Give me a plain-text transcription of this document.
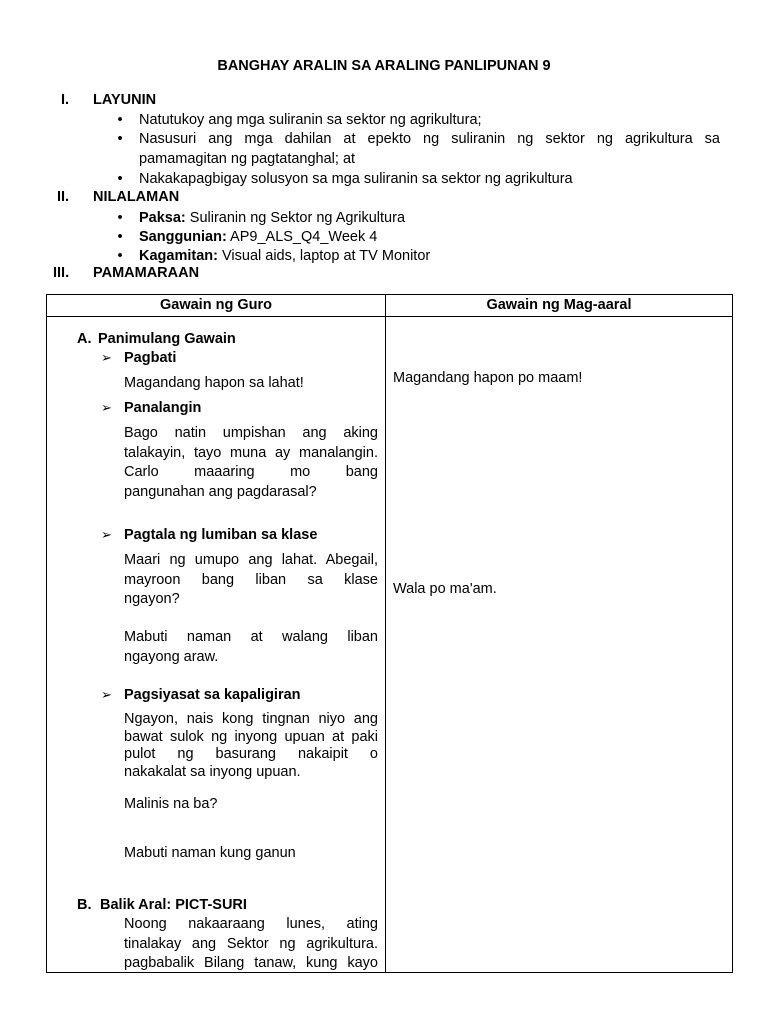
BANGHAY ARALIN SA ARALING PANLIPUNAN 9
I. LAYUNIN
• Natutukoy ang mga suliranin sa sektor ng agrikultura;
• Nasusuri ang mga dahilan at epekto ng suliranin ng sektor ng agrikultura sa
pamamagitan ng pagtatanghal; at
• Nakakapagbigay solusyon sa mga suliranin sa sektor ng agrikultura
II. NILALAMAN
• Paksa: Suliranin ng Sektor ng Agrikultura
• Sanggunian: AP9_ALS_Q4_Week 4
• Kagamitan: Visual aids, laptop at TV Monitor
III. PAMAMARAAN
Gawain ng Guro	Gawain ng Mag-aaral
A. Panimulang Gawain
➢ Pagbati
Magandang hapon sa lahat!	Magandang hapon po maam!
➢ Panalangin
Bago natin umpishan ang aking
talakayin, tayo muna ay manalangin.
Carlo maaaring mo bang
pangunahan ang pagdarasal?
➢ Pagtala ng lumiban sa klase
Maari ng umupo ang lahat. Abegail,
mayroon bang liban sa klase
ngayon?
Wala po ma'am.
Mabuti naman at walang liban
ngayong araw.
➢ Pagsiyasat sa kapaligiran
Ngayon, nais kong tingnan niyo ang
bawat sulok ng inyong upuan at paki
pulot ng basurang nakaipit o
nakakalat sa inyong upuan.
Malinis na ba?
Mabuti naman kung ganun
B. Balik Aral: PICT-SURI
Noong nakaaraang lunes, ating
tinalakay ang Sektor ng agrikultura.
pagbabalik Bilang tanaw, kung kayo
